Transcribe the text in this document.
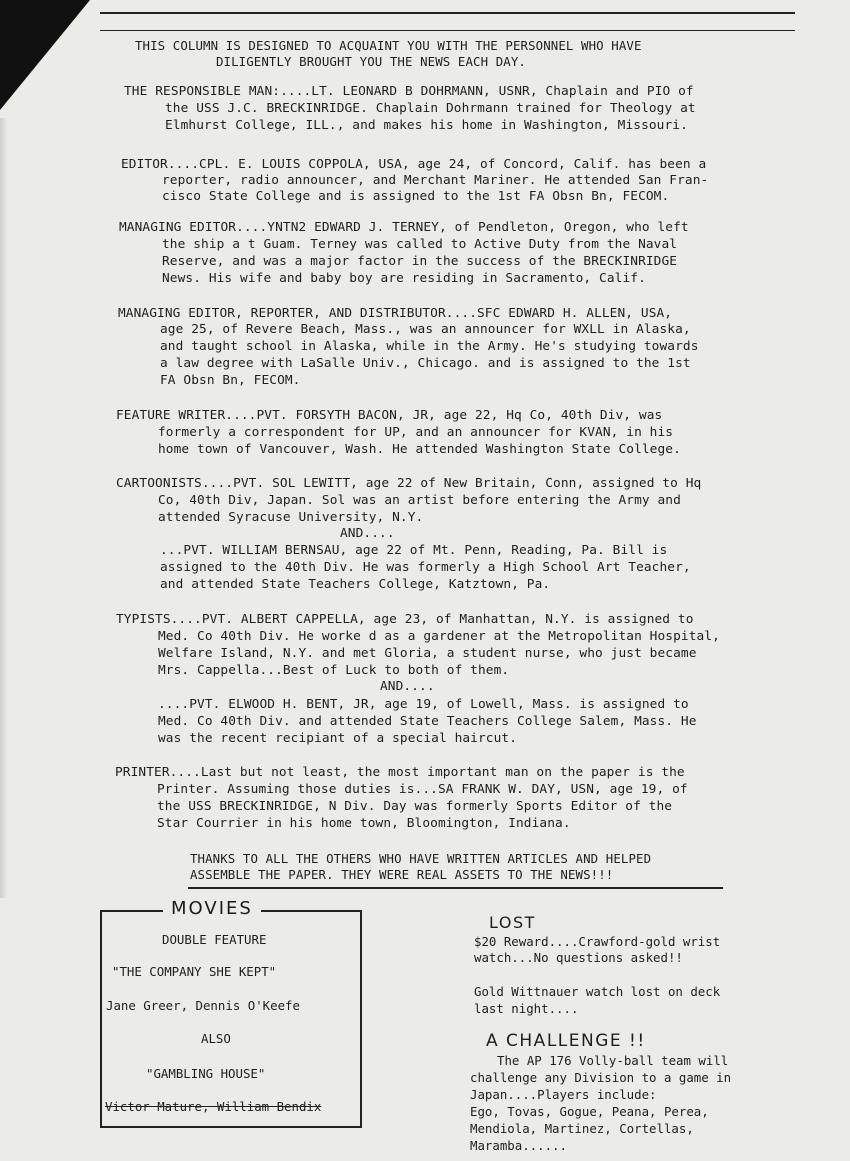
THIS COLUMN IS DESIGNED TO ACQUAINT YOU WITH THE PERSONNEL WHO HAVE

DILIGENTLY BROUGHT YOU THE NEWS EACH DAY.

THE RESPONSIBLE MAN:....LT. LEONARD B DOHRMANN, USNR, Chaplain and PIO of

the USS J.C. BRECKINRIDGE. Chaplain Dohrmann trained for Theology at

Elmhurst College, ILL., and makes his home in Washington, Missouri.

EDITOR....CPL. E. LOUIS COPPOLA, USA, age 24, of Concord, Calif. has been a

reporter, radio announcer, and Merchant Mariner. He attended San Fran-

cisco State College and is assigned to the 1st FA Obsn Bn, FECOM.

MANAGING EDITOR....YNTN2 EDWARD J. TERNEY, of Pendleton, Oregon, who left

the ship a t Guam. Terney was called to Active Duty from the Naval

Reserve, and was a major factor in the success of the BRECKINRIDGE

News. His wife and baby boy are residing in Sacramento, Calif.

MANAGING EDITOR, REPORTER, AND DISTRIBUTOR....SFC EDWARD H. ALLEN, USA,

age 25, of Revere Beach, Mass., was an announcer for WXLL in Alaska,

and taught school in Alaska, while in the Army. He's studying towards

a law degree with LaSalle Univ., Chicago. and is assigned to the 1st

FA Obsn Bn, FECOM.

FEATURE WRITER....PVT. FORSYTH BACON, JR, age 22, Hq Co, 40th Div, was

formerly a correspondent for UP, and an announcer for KVAN, in his

home town of Vancouver, Wash. He attended Washington State College.

CARTOONISTS....PVT. SOL LEWITT, age 22 of New Britain, Conn, assigned to Hq

Co, 40th Div, Japan. Sol was an artist before entering the Army and

attended Syracuse University, N.Y.

AND....

...PVT. WILLIAM BERNSAU, age 22 of Mt. Penn, Reading, Pa. Bill is

assigned to the 40th Div. He was formerly a High School Art Teacher,

and attended State Teachers College, Katztown, Pa.

TYPISTS....PVT. ALBERT CAPPELLA, age 23, of Manhattan, N.Y. is assigned to

Med. Co 40th Div. He worke d as a gardener at the Metropolitan Hospital,

Welfare Island, N.Y. and met Gloria, a student nurse, who just became

Mrs. Cappella...Best of Luck to both of them.

AND....

....PVT. ELWOOD H. BENT, JR, age 19, of Lowell, Mass. is assigned to

Med. Co 40th Div. and attended State Teachers College Salem, Mass. He

was the recent recipiant of a special haircut.

PRINTER....Last but not least, the most important man on the paper is the

Printer. Assuming those duties is...SA FRANK W. DAY, USN, age 19, of

the USS BRECKINRIDGE, N Div. Day was formerly Sports Editor of the

Star Courrier in his home town, Bloomington, Indiana.

THANKS TO ALL THE OTHERS WHO HAVE WRITTEN ARTICLES AND HELPED

ASSEMBLE THE PAPER. THEY WERE REAL ASSETS TO THE NEWS!!!

MOVIES

DOUBLE FEATURE

"THE COMPANY SHE KEPT"

Jane Greer, Dennis O'Keefe

ALSO

"GAMBLING HOUSE"

Victor Mature, William Bendix

LOST

$20 Reward....Crawford-gold wrist

watch...No questions asked!!

Gold Wittnauer watch lost on deck

last night....

A CHALLENGE !!

The AP 176 Volly-ball team will

challenge any Division to a game in

Japan....Players include:

Ego, Tovas, Gogue, Peana, Perea,

Mendiola, Martinez, Cortellas,

Maramba......
